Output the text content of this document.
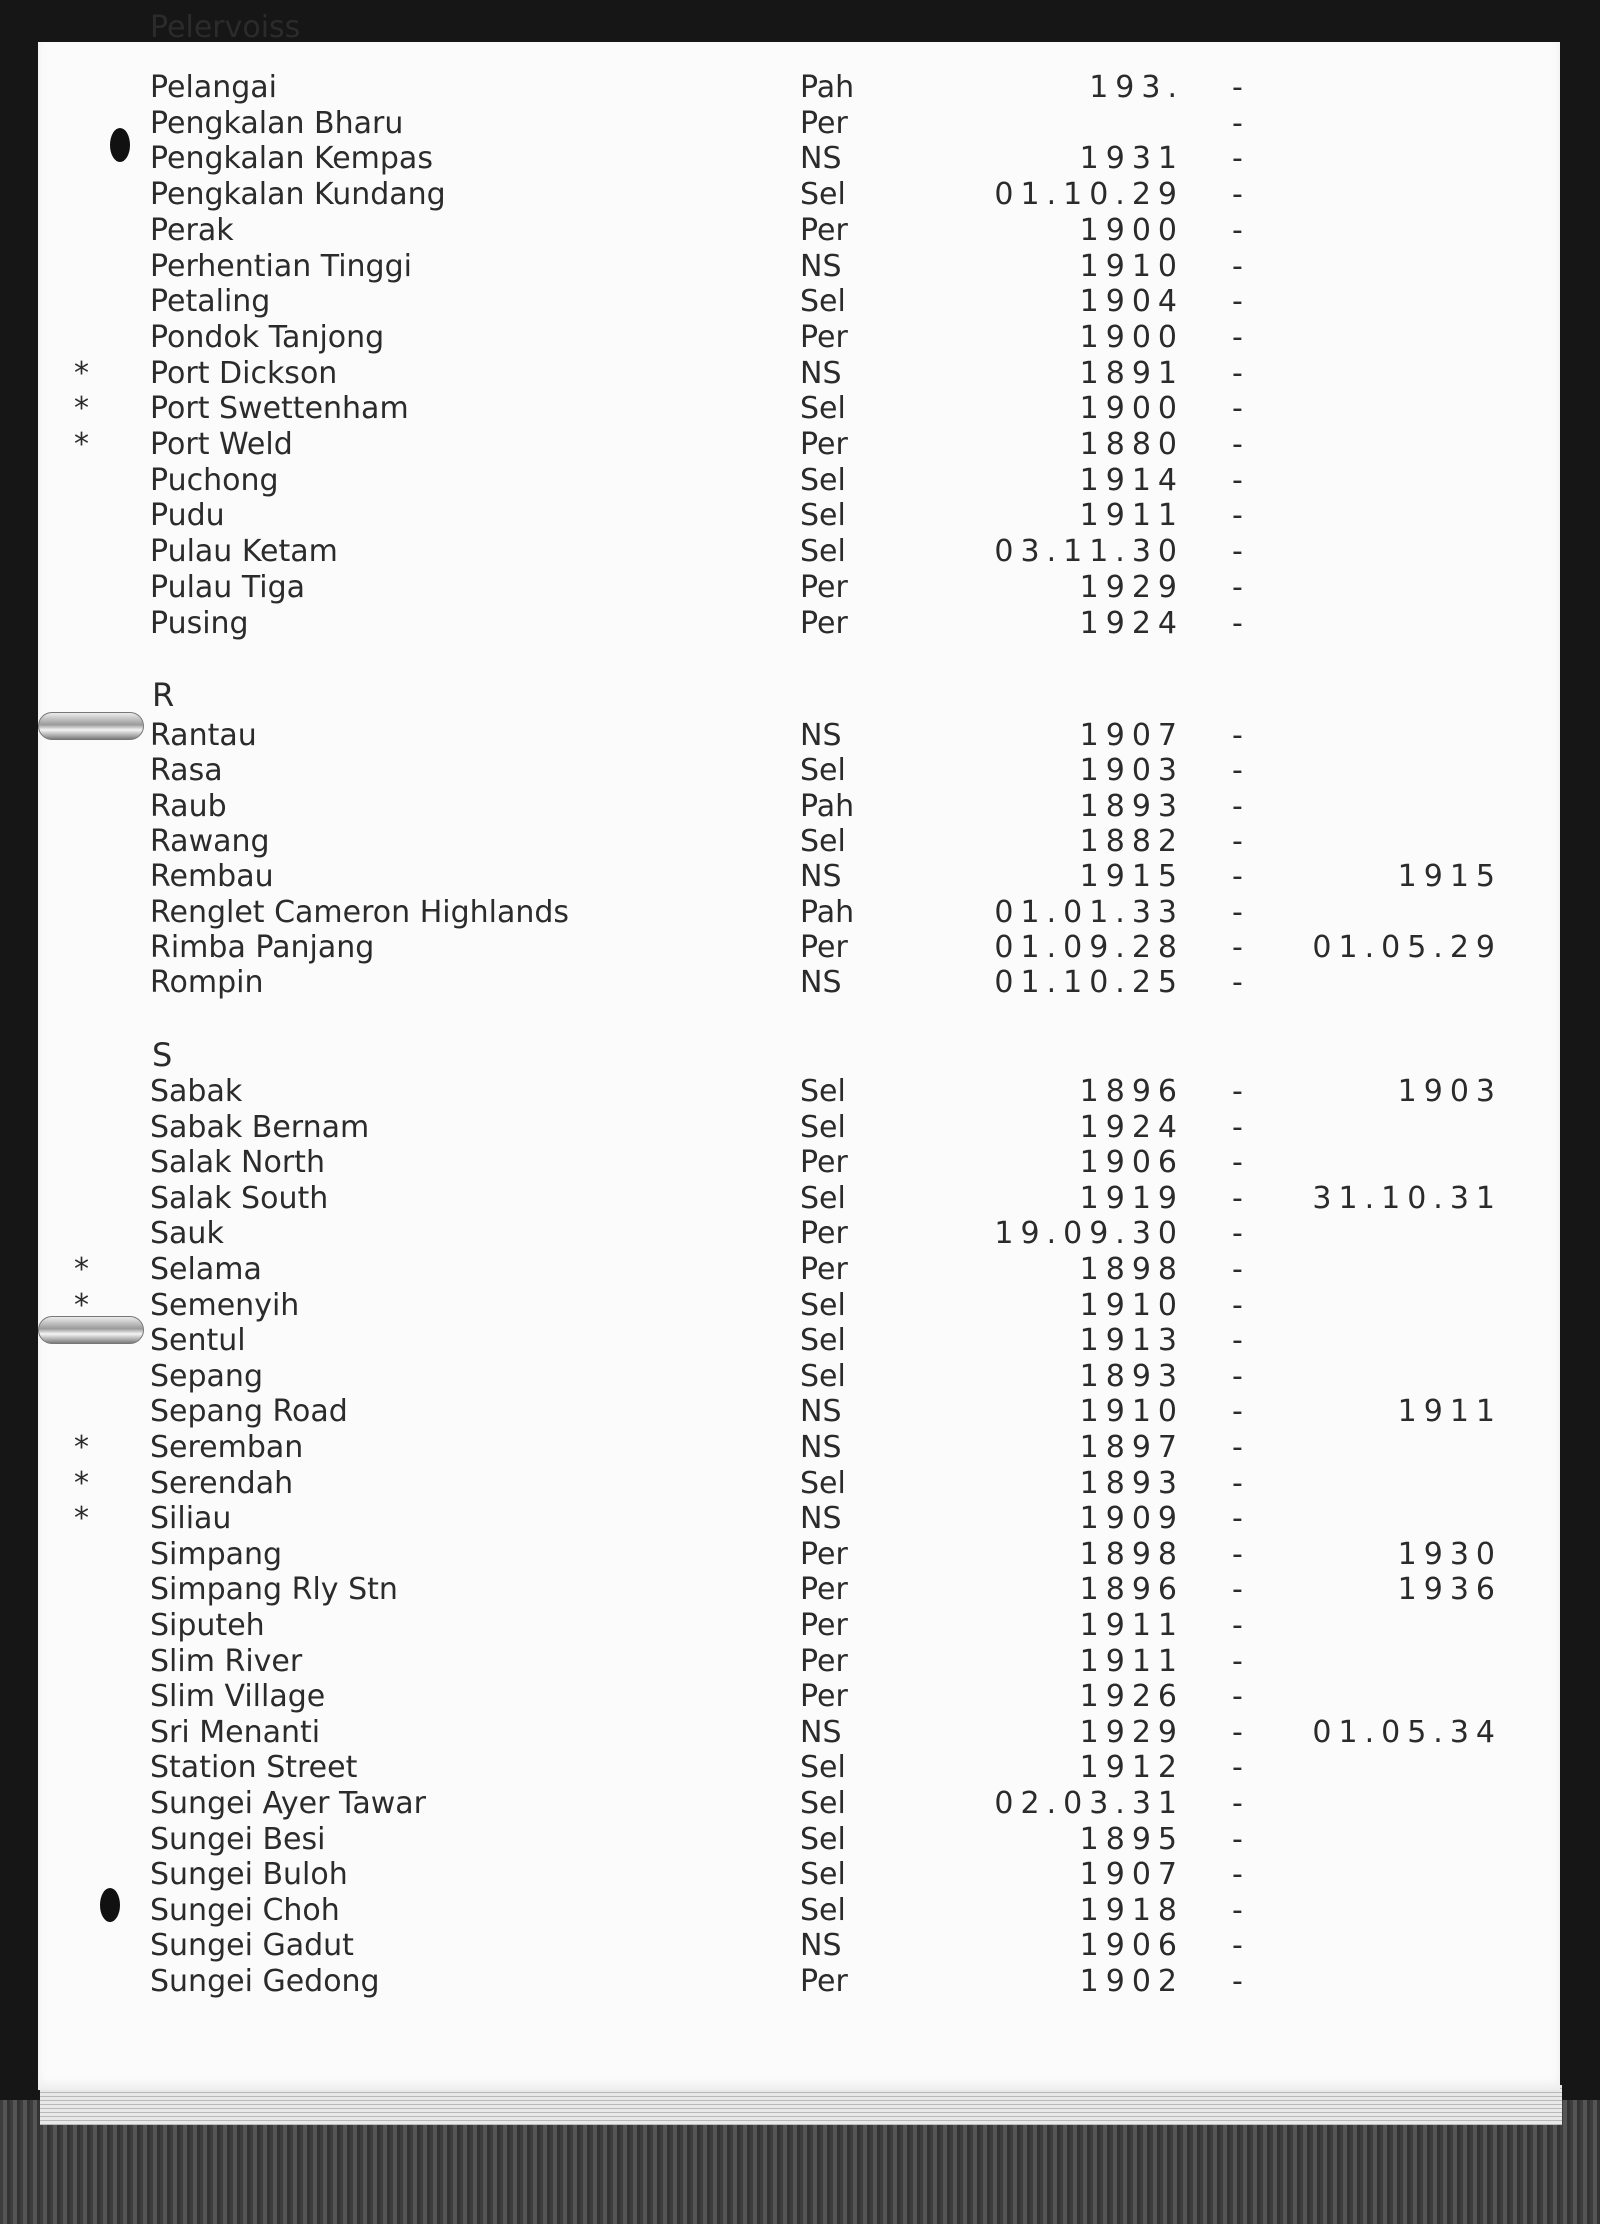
Pelervoiss
R
S
Pelangai	Pah	193. -
Pengkalan Bharu	Per	-
Pengkalan Kempas	NS	1931 -
Pengkalan Kundang	Sel	01.10.29 -
Perak	Per	1900 -
Perhentian Tinggi	NS	1910 -
Petaling	Sel	1904 -
Pondok Tanjong	Per	1900 -
* Port Dickson	NS	1891 -
* Port Swettenham	Sel	1900 -
* Port Weld	Per	1880 -
Puchong	Sel	1914 -
Pudu	Sel	1911 -
Pulau Ketam	Sel	03.11.30 -
Pulau Tiga	Per	1929 -
Pusing	Per	1924 -
Rantau	NS	1907 -
Rasa	Sel	1903 -
Raub	Pah	1893 -
Rawang	Sel	1882 -
Rembau	NS	1915 -	1915
Renglet Cameron Highlands	Pah	01.01.33 -
Rimba Panjang	Per	01.09.28 - 01.05.29
Rompin	NS	01.10.25 -
Sabak	Sel	1896 -	1903
Sabak Bernam	Sel	1924 -
Salak North	Per	1906 -
Salak South	Sel	1919 - 31.10.31
Sauk	Per	19.09.30 -
* Selama	Per	1898 -
* Semenyih	Sel	1910 -
Sentul	Sel	1913 -
Sepang	Sel	1893 -
Sepang Road	NS	1910 -	1911
* Seremban	NS	1897 -
* Serendah	Sel	1893 -
* Siliau	NS	1909 -
Simpang	Per	1898 -	1930
Simpang Rly Stn	Per	1896 -	1936
Siputeh	Per	1911 -
Slim River	Per	1911 -
Slim Village	Per	1926 -
Sri Menanti	NS	1929 - 01.05.34
Station Street	Sel	1912 -
Sungei Ayer Tawar	Sel	02.03.31 -
Sungei Besi	Sel	1895 -
Sungei Buloh	Sel	1907 -
Sungei Choh	Sel	1918 -
Sungei Gadut	NS	1906 -
Sungei Gedong	Per	1902 -
